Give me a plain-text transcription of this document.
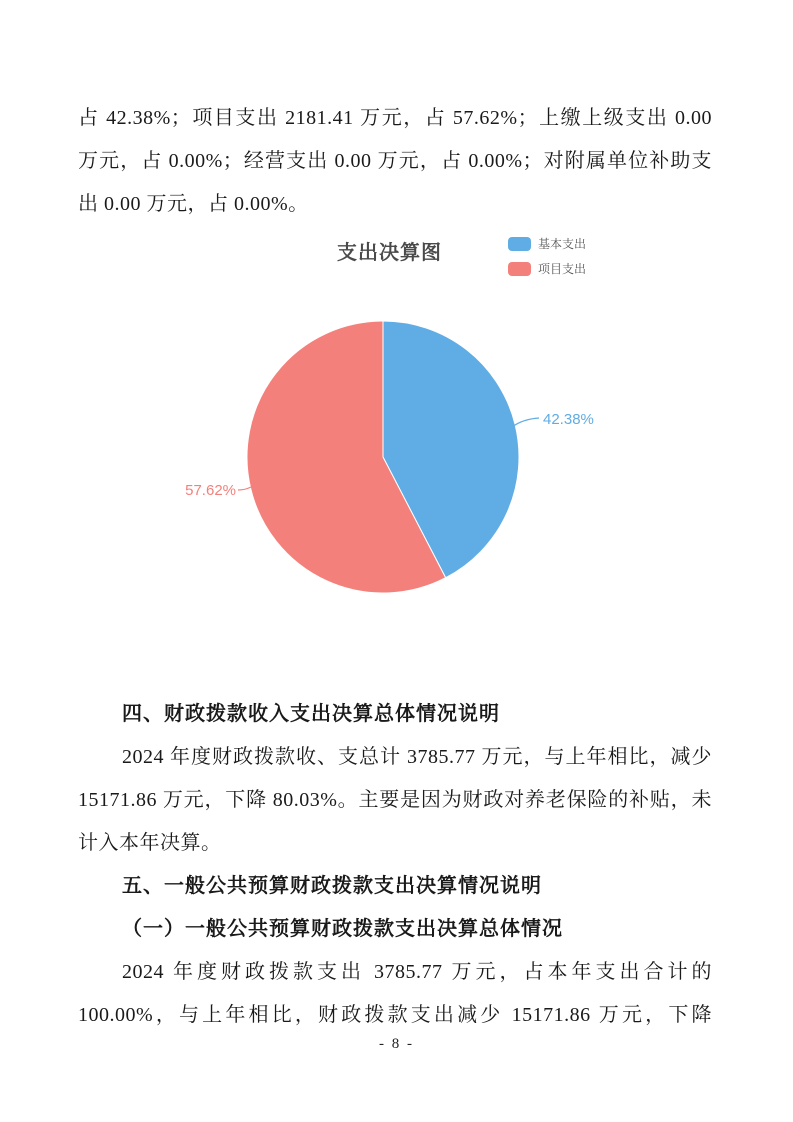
占 42.38%；项目支出 2181.41 万元，占 57.62%；上缴上级支出 0.00
万元，占 0.00%；经营支出 0.00 万元，占 0.00%；对附属单位补助支
出 0.00 万元，占 0.00%。
支出决算图	基本支出
项目支出
42.38%
57.62%
四、财政拨款收入支出决算总体情况说明
2024 年度财政拨款收、支总计 3785.77 万元，与上年相比，减少
15171.86 万元，下降 80.03%。主要是因为财政对养老保险的补贴，未
计入本年决算。
五、一般公共预算财政拨款支出决算情况说明
（一）一般公共预算财政拨款支出决算总体情况
2024 年度财政拨款支出 3785.77 万元，占本年支出合计的
100.00%，与上年相比，财政拨款支出减少 15171.86 万元，下降
- 8 -
